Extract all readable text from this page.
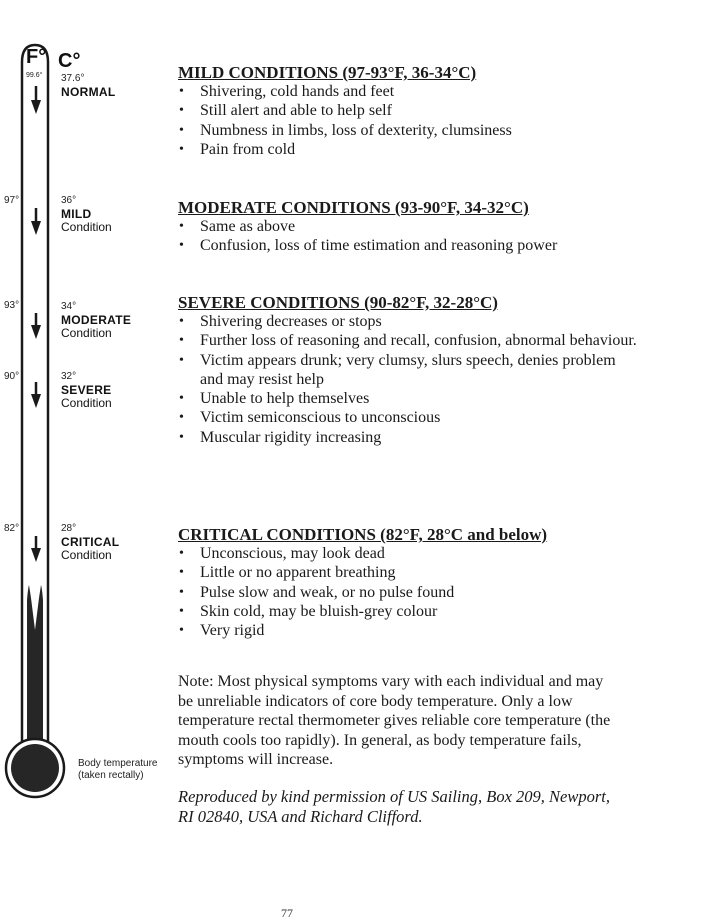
F° C°
99.6° 37.6°
NORMAL
97°	36°
MILD
Condition
93°	34°
MODERATE
Condition
90°	32°
SEVERE
Condition
82°	28°
CRITICAL
Condition
Body temperature
(taken rectally)
MILD CONDITIONS (97-93°F, 36-34°C)
• Shivering, cold hands and feet
• Still alert and able to help self
• Numbness in limbs, loss of dexterity, clumsiness
• Pain from cold
MODERATE CONDITIONS (93-90°F, 34-32°C)
• Same as above
• Confusion, loss of time estimation and reasoning power
SEVERE CONDITIONS (90-82°F, 32-28°C)
• Shivering decreases or stops
• Further loss of reasoning and recall, confusion, abnormal behaviour.
• Victim appears drunk; very clumsy, slurs speech, denies problem and may resist help
• Unable to help themselves
• Victim semiconscious to unconscious
• Muscular rigidity increasing
CRITICAL CONDITIONS (82°F, 28°C and below)
• Unconscious, may look dead
• Little or no apparent breathing
• Pulse slow and weak, or no pulse found
• Skin cold, may be bluish-grey colour
• Very rigid

Note: Most physical symptoms vary with each individual and may be unreliable indicators of core body temperature. Only a low temperature rectal thermometer gives reliable core temperature (the mouth cools too rapidly). In general, as body temperature fails, symptoms will increase.

Reproduced by kind permission of US Sailing, Box 209, Newport, RI 02840, USA and Richard Clifford.

77
